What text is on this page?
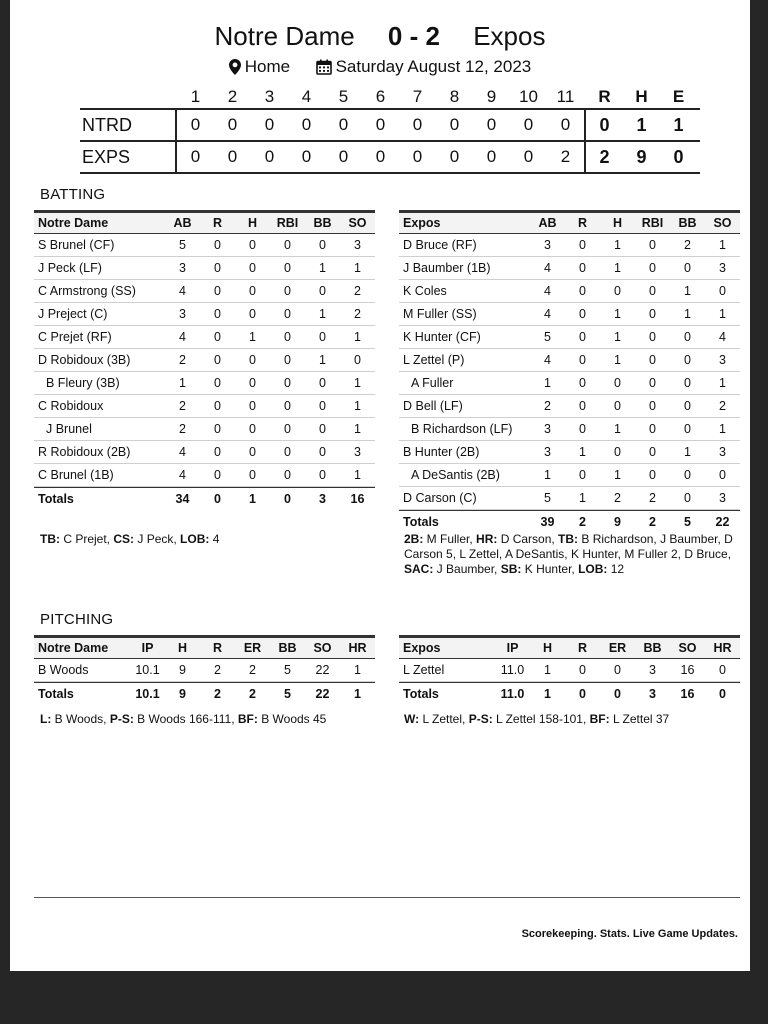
Notre Dame 0 - 2 Expos
Home	Saturday August 12, 2023
1	2	3	4	5	6	7	8	9	10	11	R	H	E
NTRD	0	0	0	0	0	0	0	0	0	0	0	0	1	1
EXPS	0	0	0	0	0	0	0	0	0	0	2	2	9	0
BATTING
Notre Dame	AB	R	H	RBI	BB	SO
S Brunel (CF)	5	0	0	0	0	3
J Peck (LF)	3	0	0	0	1	1
C Armstrong (SS)	4	0	0	0	0	2
J Preject (C)	3	0	0	0	1	2
C Prejet (RF)	4	0	1	0	0	1
D Robidoux (3B)	2	0	0	0	1	0
B Fleury (3B)	1	0	0	0	0	1
C Robidoux	2	0	0	0	0	1
J Brunel	2	0	0	0	0	1
R Robidoux (2B)	4	0	0	0	0	3
C Brunel (1B)	4	0	0	0	0	1
Totals	34	0	1	0	3	16
Expos	AB	R	H	RBI	BB	SO
D Bruce (RF)	3	0	1	0	2	1
J Baumber (1B)	4	0	1	0	0	3
K Coles	4	0	0	0	1	0
M Fuller (SS)	4	0	1	0	1	1
K Hunter (CF)	5	0	1	0	0	4
L Zettel (P)	4	0	1	0	0	3
A Fuller	1	0	0	0	0	1
D Bell (LF)	2	0	0	0	0	2
B Richardson (LF)	3	0	1	0	0	1
B Hunter (2B)	3	1	0	0	1	3
A DeSantis (2B)	1	0	1	0	0	0
D Carson (C)	5	1	2	2	0	3
Totals	39	2	9	2	5	22
TB: C Prejet, CS: J Peck, LOB: 4	2B: M Fuller, HR: D Carson, TB: B Richardson, J Baumber, D Carson 5, L Zettel, A DeSantis, K Hunter, M Fuller 2, D Bruce, SAC: J Baumber, SB: K Hunter, LOB: 12
PITCHING
Notre Dame	IP	H	R	ER	BB	SO	HR
B Woods	10.1	9	2	2	5	22	1
Totals	10.1	9	2	2	5	22	1
Expos	IP	H	R	ER	BB	SO	HR
L Zettel	11.0	1	0	0	3	16	0
Totals	11.0	1	0	0	3	16	0
L: B Woods, P-S: B Woods 166-111, BF: B Woods 45	W: L Zettel, P-S: L Zettel 158-101, BF: L Zettel 37
Scorekeeping. Stats. Live Game Updates.
